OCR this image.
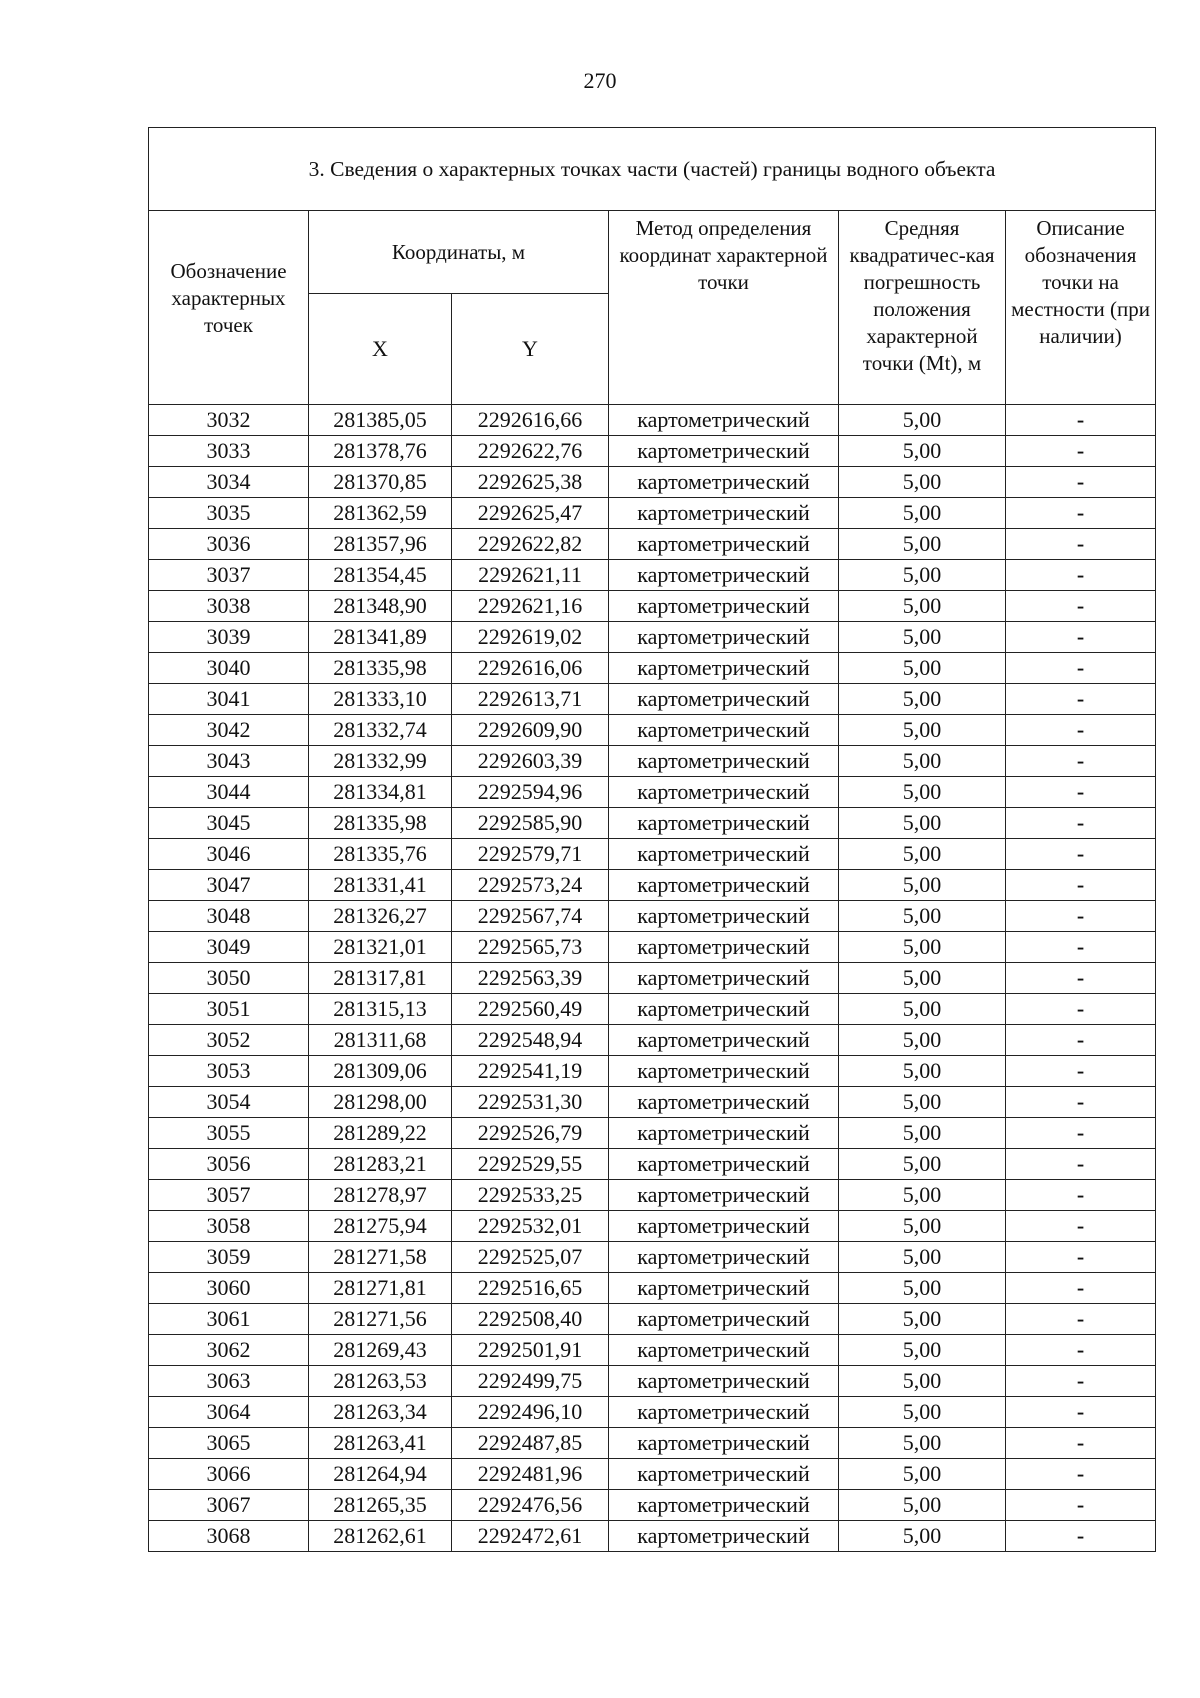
270
3. Сведения о характерных точках части (частей) границы водного объекта					
Обозначение характерных точек	Координаты, м		Метод определения координат характерной точки	Средняя квадратичес-кая погрешность положения характерной точки (Mt), м	Описание обозначения точки на местности (при наличии)
	X	Y			
3032	281385,05	2292616,66	картометрический	5,00	-
3033	281378,76	2292622,76	картометрический	5,00	-
3034	281370,85	2292625,38	картометрический	5,00	-
3035	281362,59	2292625,47	картометрический	5,00	-
3036	281357,96	2292622,82	картометрический	5,00	-
3037	281354,45	2292621,11	картометрический	5,00	-
3038	281348,90	2292621,16	картометрический	5,00	-
3039	281341,89	2292619,02	картометрический	5,00	-
3040	281335,98	2292616,06	картометрический	5,00	-
3041	281333,10	2292613,71	картометрический	5,00	-
3042	281332,74	2292609,90	картометрический	5,00	-
3043	281332,99	2292603,39	картометрический	5,00	-
3044	281334,81	2292594,96	картометрический	5,00	-
3045	281335,98	2292585,90	картометрический	5,00	-
3046	281335,76	2292579,71	картометрический	5,00	-
3047	281331,41	2292573,24	картометрический	5,00	-
3048	281326,27	2292567,74	картометрический	5,00	-
3049	281321,01	2292565,73	картометрический	5,00	-
3050	281317,81	2292563,39	картометрический	5,00	-
3051	281315,13	2292560,49	картометрический	5,00	-
3052	281311,68	2292548,94	картометрический	5,00	-
3053	281309,06	2292541,19	картометрический	5,00	-
3054	281298,00	2292531,30	картометрический	5,00	-
3055	281289,22	2292526,79	картометрический	5,00	-
3056	281283,21	2292529,55	картометрический	5,00	-
3057	281278,97	2292533,25	картометрический	5,00	-
3058	281275,94	2292532,01	картометрический	5,00	-
3059	281271,58	2292525,07	картометрический	5,00	-
3060	281271,81	2292516,65	картометрический	5,00	-
3061	281271,56	2292508,40	картометрический	5,00	-
3062	281269,43	2292501,91	картометрический	5,00	-
3063	281263,53	2292499,75	картометрический	5,00	-
3064	281263,34	2292496,10	картометрический	5,00	-
3065	281263,41	2292487,85	картометрический	5,00	-
3066	281264,94	2292481,96	картометрический	5,00	-
3067	281265,35	2292476,56	картометрический	5,00	-
3068	281262,61	2292472,61	картометрический	5,00	-
